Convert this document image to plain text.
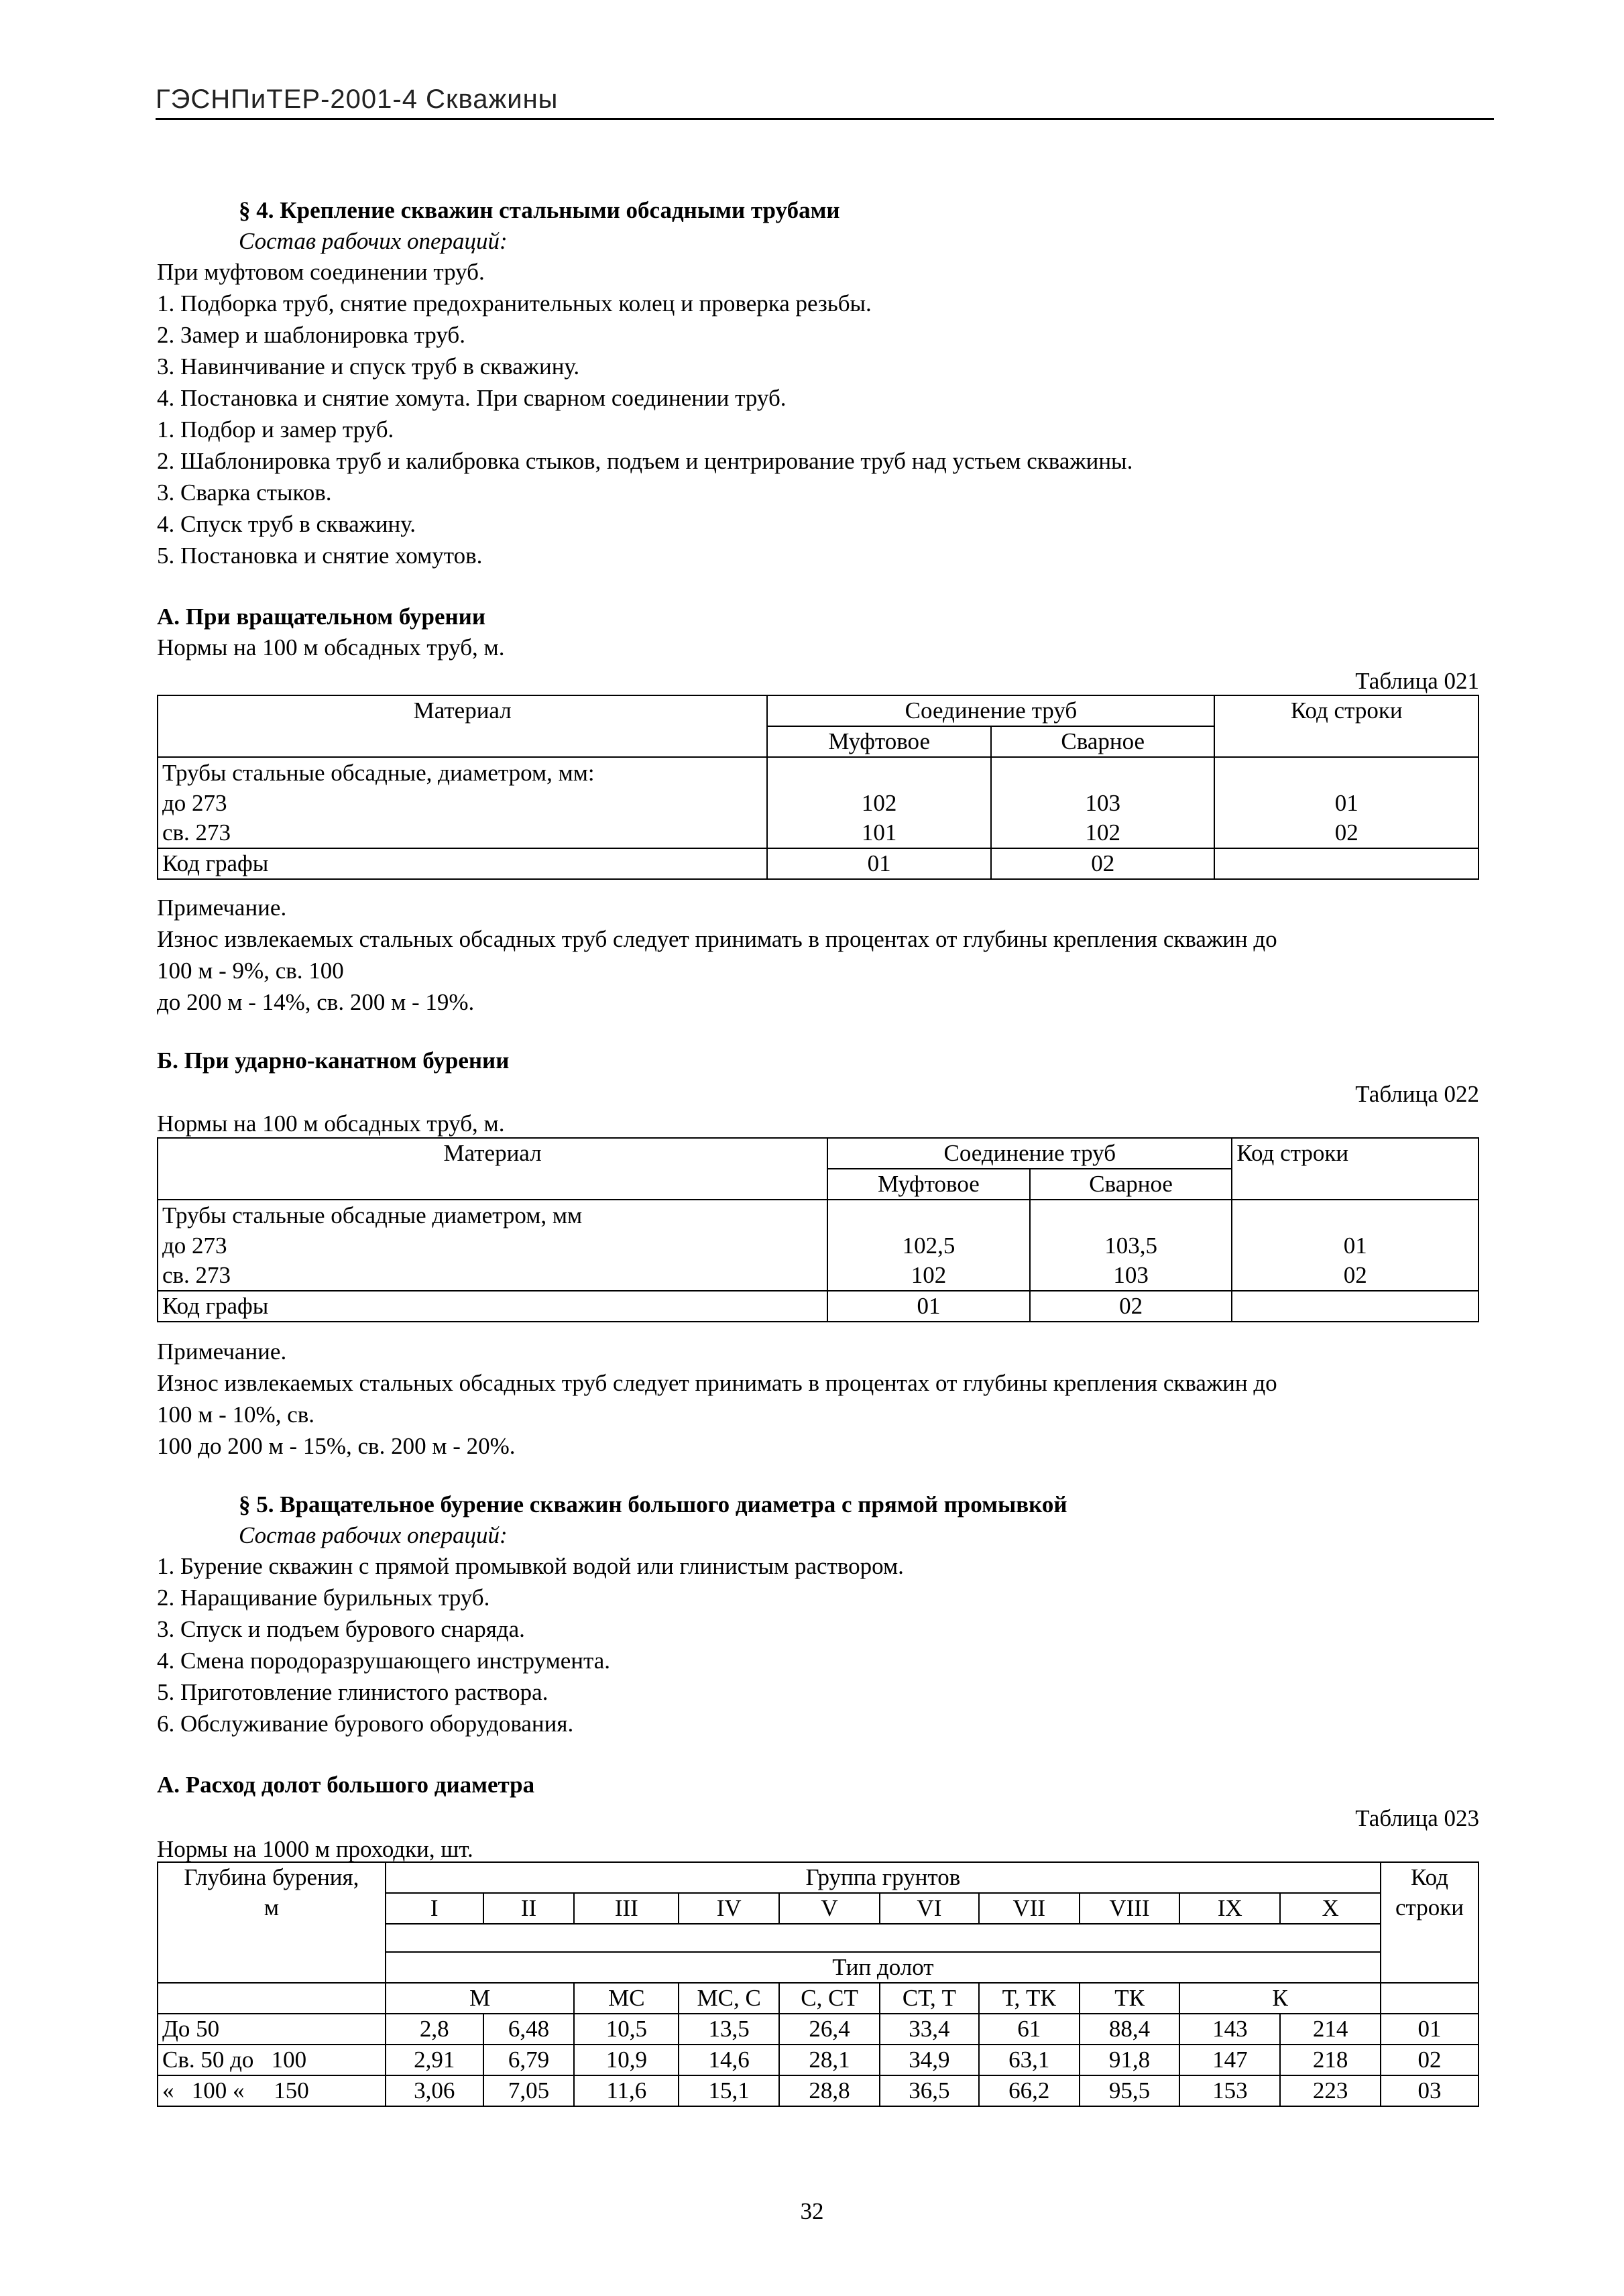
ГЭСНПиТЕР-2001-4 Скважины
§ 4. Крепление скважин стальными обсадными трубами
Состав рабочих операций:
При муфтовом соединении труб.
1. Подборка труб, снятие предохранительных колец и проверка резьбы.
2. Замер и шаблонировка труб.
3. Навинчивание и спуск труб в скважину.
4. Постановка и снятие хомута. При сварном соединении труб.
1. Подбор и замер труб.
2. Шаблонировка труб и калибровка стыков, подъем и центрирование труб над устьем скважины.
3. Сварка стыков.
4. Спуск труб в скважину.
5. Постановка и снятие хомутов.
А. При вращательном бурении
Нормы на 100 м обсадных труб, м.
Таблица 021
Материал	Соединение труб		Код строки
	Муфтовое	Сварное	
Трубы стальные обсадные, диаметром, мм:			
до 273	102	103	01
св. 273	101	102	02
Код графы	01	02	
Примечание.
Износ извлекаемых стальных обсадных труб следует принимать в процентах от глубины крепления скважин до
100 м - 9%, св. 100
до 200 м - 14%, св. 200 м - 19%.
Б. При ударно-канатном бурении
Таблица 022
Нормы на 100 м обсадных труб, м.
Материал	Соединение труб		Код строки
	Муфтовое	Сварное	
Трубы стальные обсадные диаметром, мм			
до 273	102,5	103,5	01
св. 273	102	103	02
Код графы	01	02	
Примечание.
Износ извлекаемых стальных обсадных труб следует принимать в процентах от глубины крепления скважин до
100 м - 10%, св.
100 до 200 м - 15%, св. 200 м - 20%.
§ 5. Вращательное бурение скважин большого диаметра с прямой промывкой
Состав рабочих операций:
1. Бурение скважин с прямой промывкой водой или глинистым раствором.
2. Наращивание бурильных труб.
3. Спуск и подъем бурового снаряда.
4. Смена породоразрушающего инструмента.
5. Приготовление глинистого раствора.
6. Обслуживание бурового оборудования.
А. Расход долот большого диаметра
Таблица 023
Нормы на 1000 м проходки, шт.
Глубина бурения,	Группа грунтов										Код
м	I	II	III	IV	V	VI	VII	VIII	IX	X	строки

	Тип долот										
	М		МС	МС, С	С, СТ	СТ, Т	Т, ТК	ТК	К		
До 50	2,8	6,48	10,5	13,5	26,4	33,4	61	88,4	143	214	01
Св. 50 до   100	2,91	6,79	10,9	14,6	28,1	34,9	63,1	91,8	147	218	02
«   100 «     150	3,06	7,05	11,6	15,1	28,8	36,5	66,2	95,5	153	223	03
32
